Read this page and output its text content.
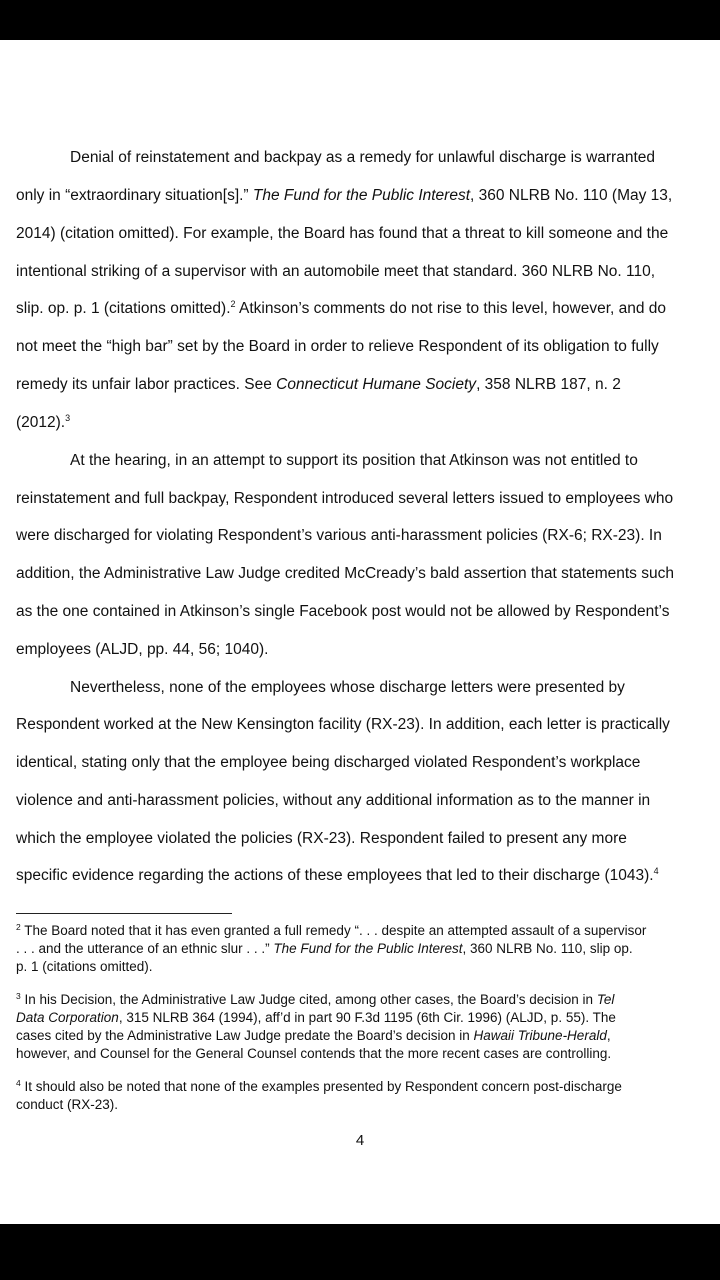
Denial of reinstatement and backpay as a remedy for unlawful discharge is warranted
only in “extraordinary situation[s].” The Fund for the Public Interest, 360 NLRB No. 110 (May 13,
2014) (citation omitted). For example, the Board has found that a threat to kill someone and the
intentional striking of a supervisor with an automobile meet that standard. 360 NLRB No. 110,
slip. op. p. 1 (citations omitted).$^2$ Atkinson’s comments do not rise to this level, however, and do
not meet the “high bar” set by the Board in order to relieve Respondent of its obligation to fully
remedy its unfair labor practices. See Connecticut Humane Society, 358 NLRB 187, n. 2
(2012).$^3$
At the hearing, in an attempt to support its position that Atkinson was not entitled to
reinstatement and full backpay, Respondent introduced several letters issued to employees who
were discharged for violating Respondent’s various anti-harassment policies (RX-6; RX-23). In
addition, the Administrative Law Judge credited McCready’s bald assertion that statements such
as the one contained in Atkinson’s single Facebook post would not be allowed by Respondent’s
employees (ALJD, pp. 44, 56; 1040).
Nevertheless, none of the employees whose discharge letters were presented by
Respondent worked at the New Kensington facility (RX-23). In addition, each letter is practically
identical, stating only that the employee being discharged violated Respondent’s workplace
violence and anti-harassment policies, without any additional information as to the manner in
which the employee violated the policies (RX-23). Respondent failed to present any more
specific evidence regarding the actions of these employees that led to their discharge (1043).$^4$
$^2$ The Board noted that it has even granted a full remedy “. . . despite an attempted assault of a supervisor
. . . and the utterance of an ethnic slur . . .” The Fund for the Public Interest, 360 NLRB No. 110, slip op.
p. 1 (citations omitted).
$^3$ In his Decision, the Administrative Law Judge cited, among other cases, the Board’s decision in Tel
Data Corporation, 315 NLRB 364 (1994), aff’d in part 90 F.3d 1195 (6th Cir. 1996) (ALJD, p. 55). The
cases cited by the Administrative Law Judge predate the Board’s decision in Hawaii Tribune-Herald,
however, and Counsel for the General Counsel contends that the more recent cases are controlling.
$^4$ It should also be noted that none of the examples presented by Respondent concern post-discharge
conduct (RX-23).
4
